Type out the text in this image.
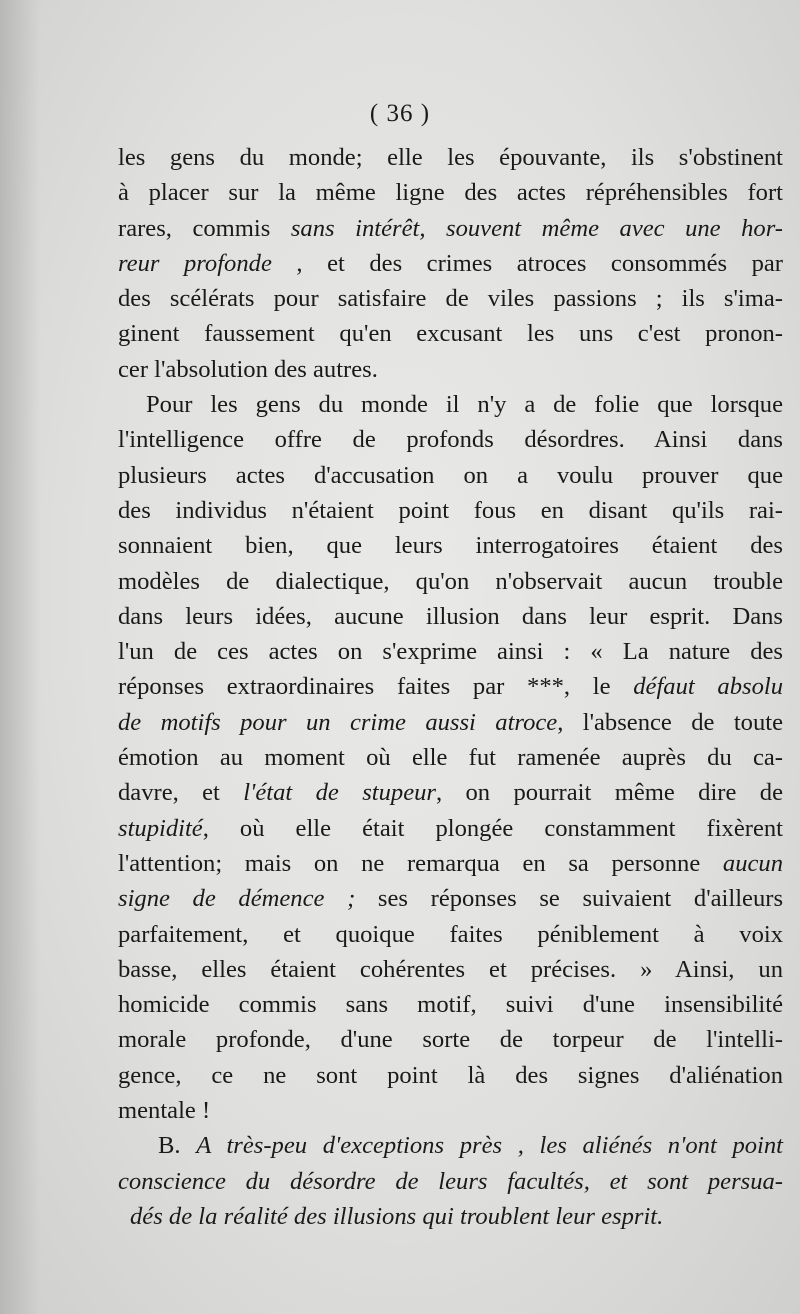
( 36 )
les gens du monde; elle les épouvante, ils s'obstinent
à placer sur la même ligne des actes répréhensibles fort
rares, commis sans intérêt, souvent même avec une hor-
reur profonde , et des crimes atroces consommés par
des scélérats pour satisfaire de viles passions ; ils s'ima-
ginent faussement qu'en excusant les uns c'est pronon-
cer l'absolution des autres.
Pour les gens du monde il n'y a de folie que lorsque
l'intelligence offre de profonds désordres. Ainsi dans
plusieurs actes d'accusation on a voulu prouver que
des individus n'étaient point fous en disant qu'ils rai-
sonnaient bien, que leurs interrogatoires étaient des
modèles de dialectique, qu'on n'observait aucun trouble
dans leurs idées, aucune illusion dans leur esprit. Dans
l'un de ces actes on s'exprime ainsi : « La nature des
réponses extraordinaires faites par ***, le défaut absolu
de motifs pour un crime aussi atroce, l'absence de toute
émotion au moment où elle fut ramenée auprès du ca-
davre, et l'état de stupeur, on pourrait même dire de
stupidité, où elle était plongée constamment fixèrent
l'attention; mais on ne remarqua en sa personne aucun
signe de démence ; ses réponses se suivaient d'ailleurs
parfaitement, et quoique faites péniblement à voix
basse, elles étaient cohérentes et précises. » Ainsi, un
homicide commis sans motif, suivi d'une insensibilité
morale profonde, d'une sorte de torpeur de l'intelli-
gence, ce ne sont point là des signes d'aliénation
mentale !
B. A très-peu d'exceptions près , les aliénés n'ont point
conscience du désordre de leurs facultés, et sont persua-
dés de la réalité des illusions qui troublent leur esprit.
